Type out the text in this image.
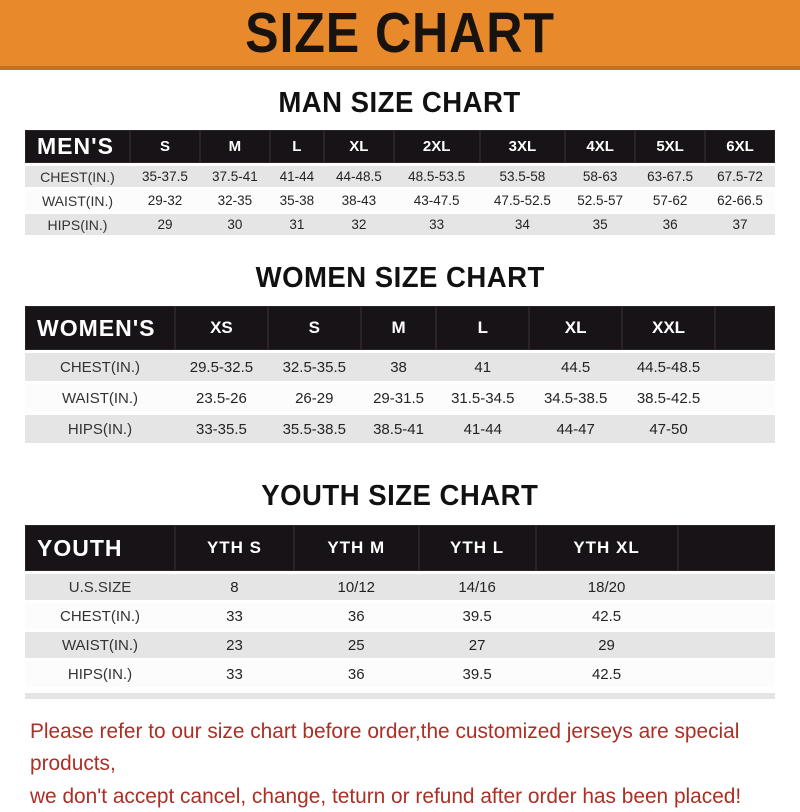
SIZE CHART
MAN SIZE CHART
MEN'S	S	M	L	XL	2XL	3XL	4XL	5XL	6XL
CHEST(IN.)	35-37.5	37.5-41	41-44	44-48.5	48.5-53.5	53.5-58	58-63	63-67.5	67.5-72
WAIST(IN.)	29-32	32-35	35-38	38-43	43-47.5	47.5-52.5	52.5-57	57-62	62-66.5
HIPS(IN.)	29	30	31	32	33	34	35	36	37
WOMEN SIZE CHART
WOMEN'S	XS	S	M	L	XL	XXL	
CHEST(IN.)	29.5-32.5	32.5-35.5	38	41	44.5	44.5-48.5	
WAIST(IN.)	23.5-26	26-29	29-31.5	31.5-34.5	34.5-38.5	38.5-42.5	
HIPS(IN.)	33-35.5	35.5-38.5	38.5-41	41-44	44-47	47-50	
YOUTH SIZE CHART
YOUTH	YTH S	YTH M	YTH L	YTH XL	
U.S.SIZE	8	10/12	14/16	18/20	
CHEST(IN.)	33	36	39.5	42.5	
WAIST(IN.)	23	25	27	29	
HIPS(IN.)	33	36	39.5	42.5	

Please refer to our size chart before order,the customized jerseys are special products,

we don't accept cancel, change, teturn or refund after order has been placed!
